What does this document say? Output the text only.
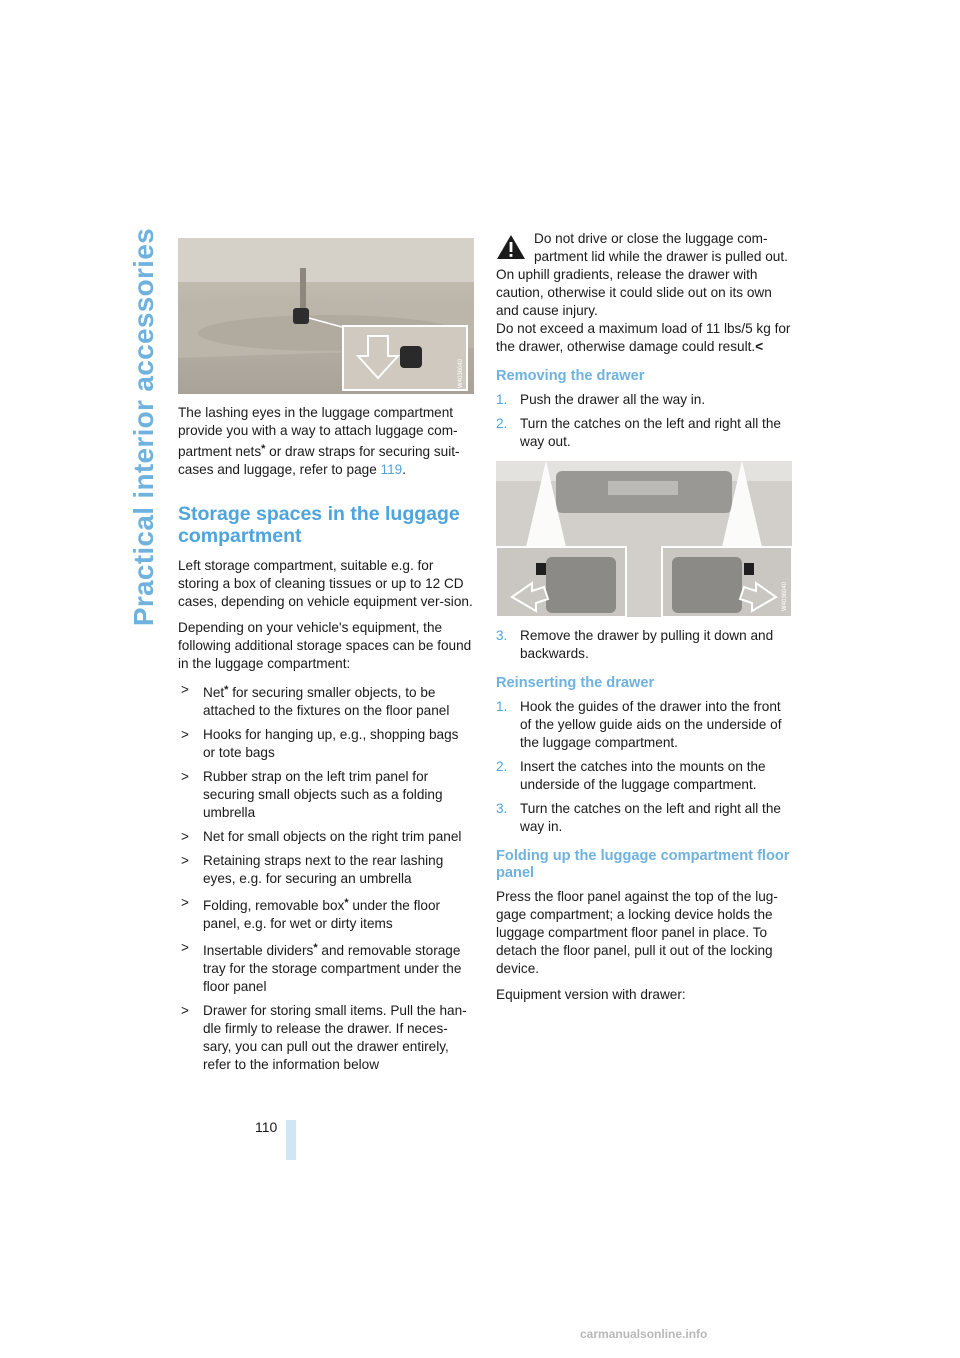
Practical interior accessories	W4036040

The lashing eyes in the luggage compartment provide you with a way to attach luggage com-partment nets* or draw straps for securing suit-cases and luggage, refer to page 119.

Storage spaces in the luggage compartment

Left storage compartment, suitable e.g. for storing a box of cleaning tissues or up to 12 CD cases, depending on vehicle equipment ver-sion.

Depending on your vehicle's equipment, the following additional storage spaces can be found in the luggage compartment:

> Net* for securing smaller objects, to be attached to the fixtures on the floor panel
> Hooks for hanging up, e.g., shopping bags or tote bags
> Rubber strap on the left trim panel for securing small objects such as a folding umbrella
> Net for small objects on the right trim panel
> Retaining straps next to the rear lashing eyes, e.g. for securing an umbrella
> Folding, removable box* under the floor panel, e.g. for wet or dirty items
> Insertable dividers* and removable storage tray for the storage compartment under the floor panel
> Drawer for storing small items. Pull the han-dle firmly to release the drawer. If neces-sary, you can pull out the drawer entirely, refer to the information below

Do not drive or close the luggage com-partment lid while the drawer is pulled out.

On uphill gradients, release the drawer with caution, otherwise it could slide out on its own and cause injury.

Do not exceed a maximum load of 11 lbs/5 kg for the drawer, otherwise damage could result.<

Removing the drawer
1. Push the drawer all the way in.
2. Turn the catches on the left and right all the way out.
W4036040
3. Remove the drawer by pulling it down and backwards.
Reinserting the drawer
1. Hook the guides of the drawer into the front of the yellow guide aids on the underside of the luggage compartment.
2. Insert the catches into the mounts on the underside of the luggage compartment.
3. Turn the catches on the left and right all the way in.
Folding up the luggage compartment floor panel

Press the floor panel against the top of the lug-gage compartment; a locking device holds the luggage compartment floor panel in place. To detach the floor panel, pull it out of the locking device.

Equipment version with drawer:

110
carmanualsonline.info
